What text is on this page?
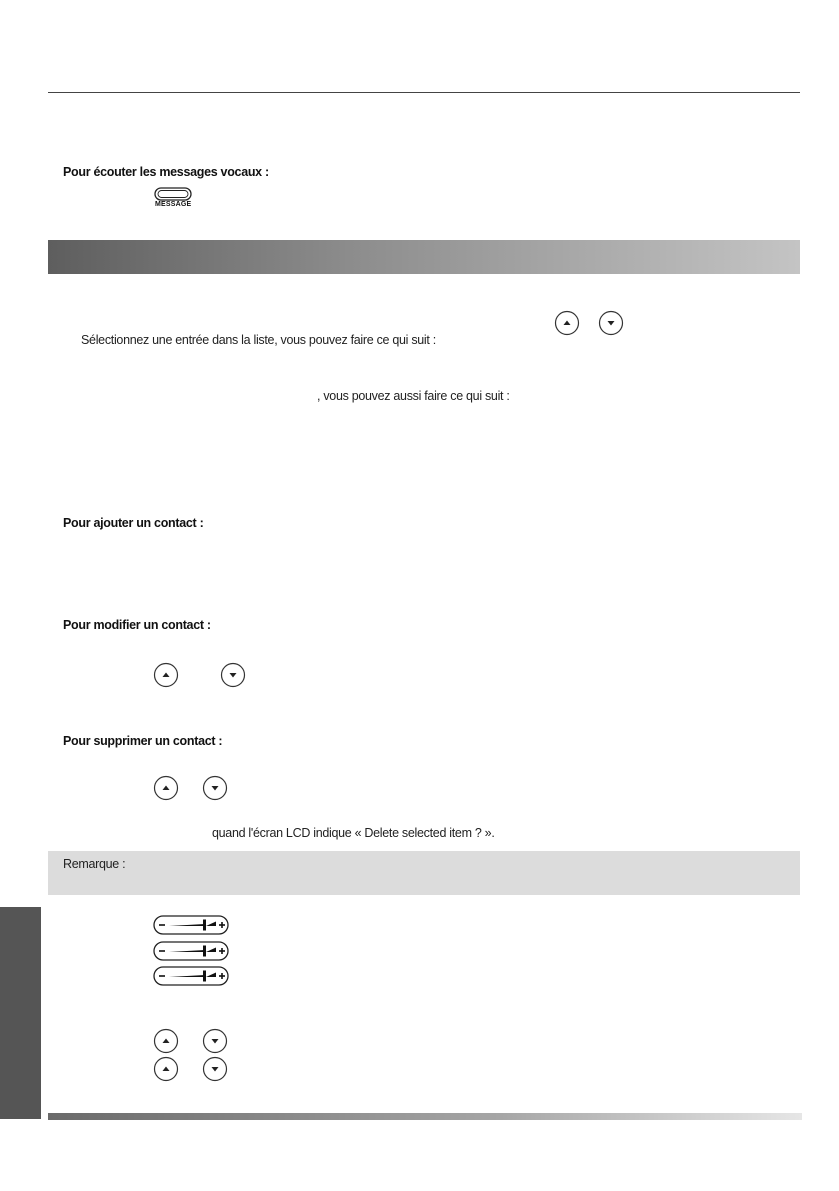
Pour écouter les messages vocaux :
MESSAGE
Sélectionnez une entrée dans la liste, vous pouvez faire ce qui suit :
, vous pouvez aussi faire ce qui suit :
Pour ajouter un contact :
Pour modifier un contact :
Pour supprimer un contact :
quand l'écran LCD indique « Delete selected item ? ».
Remarque :
